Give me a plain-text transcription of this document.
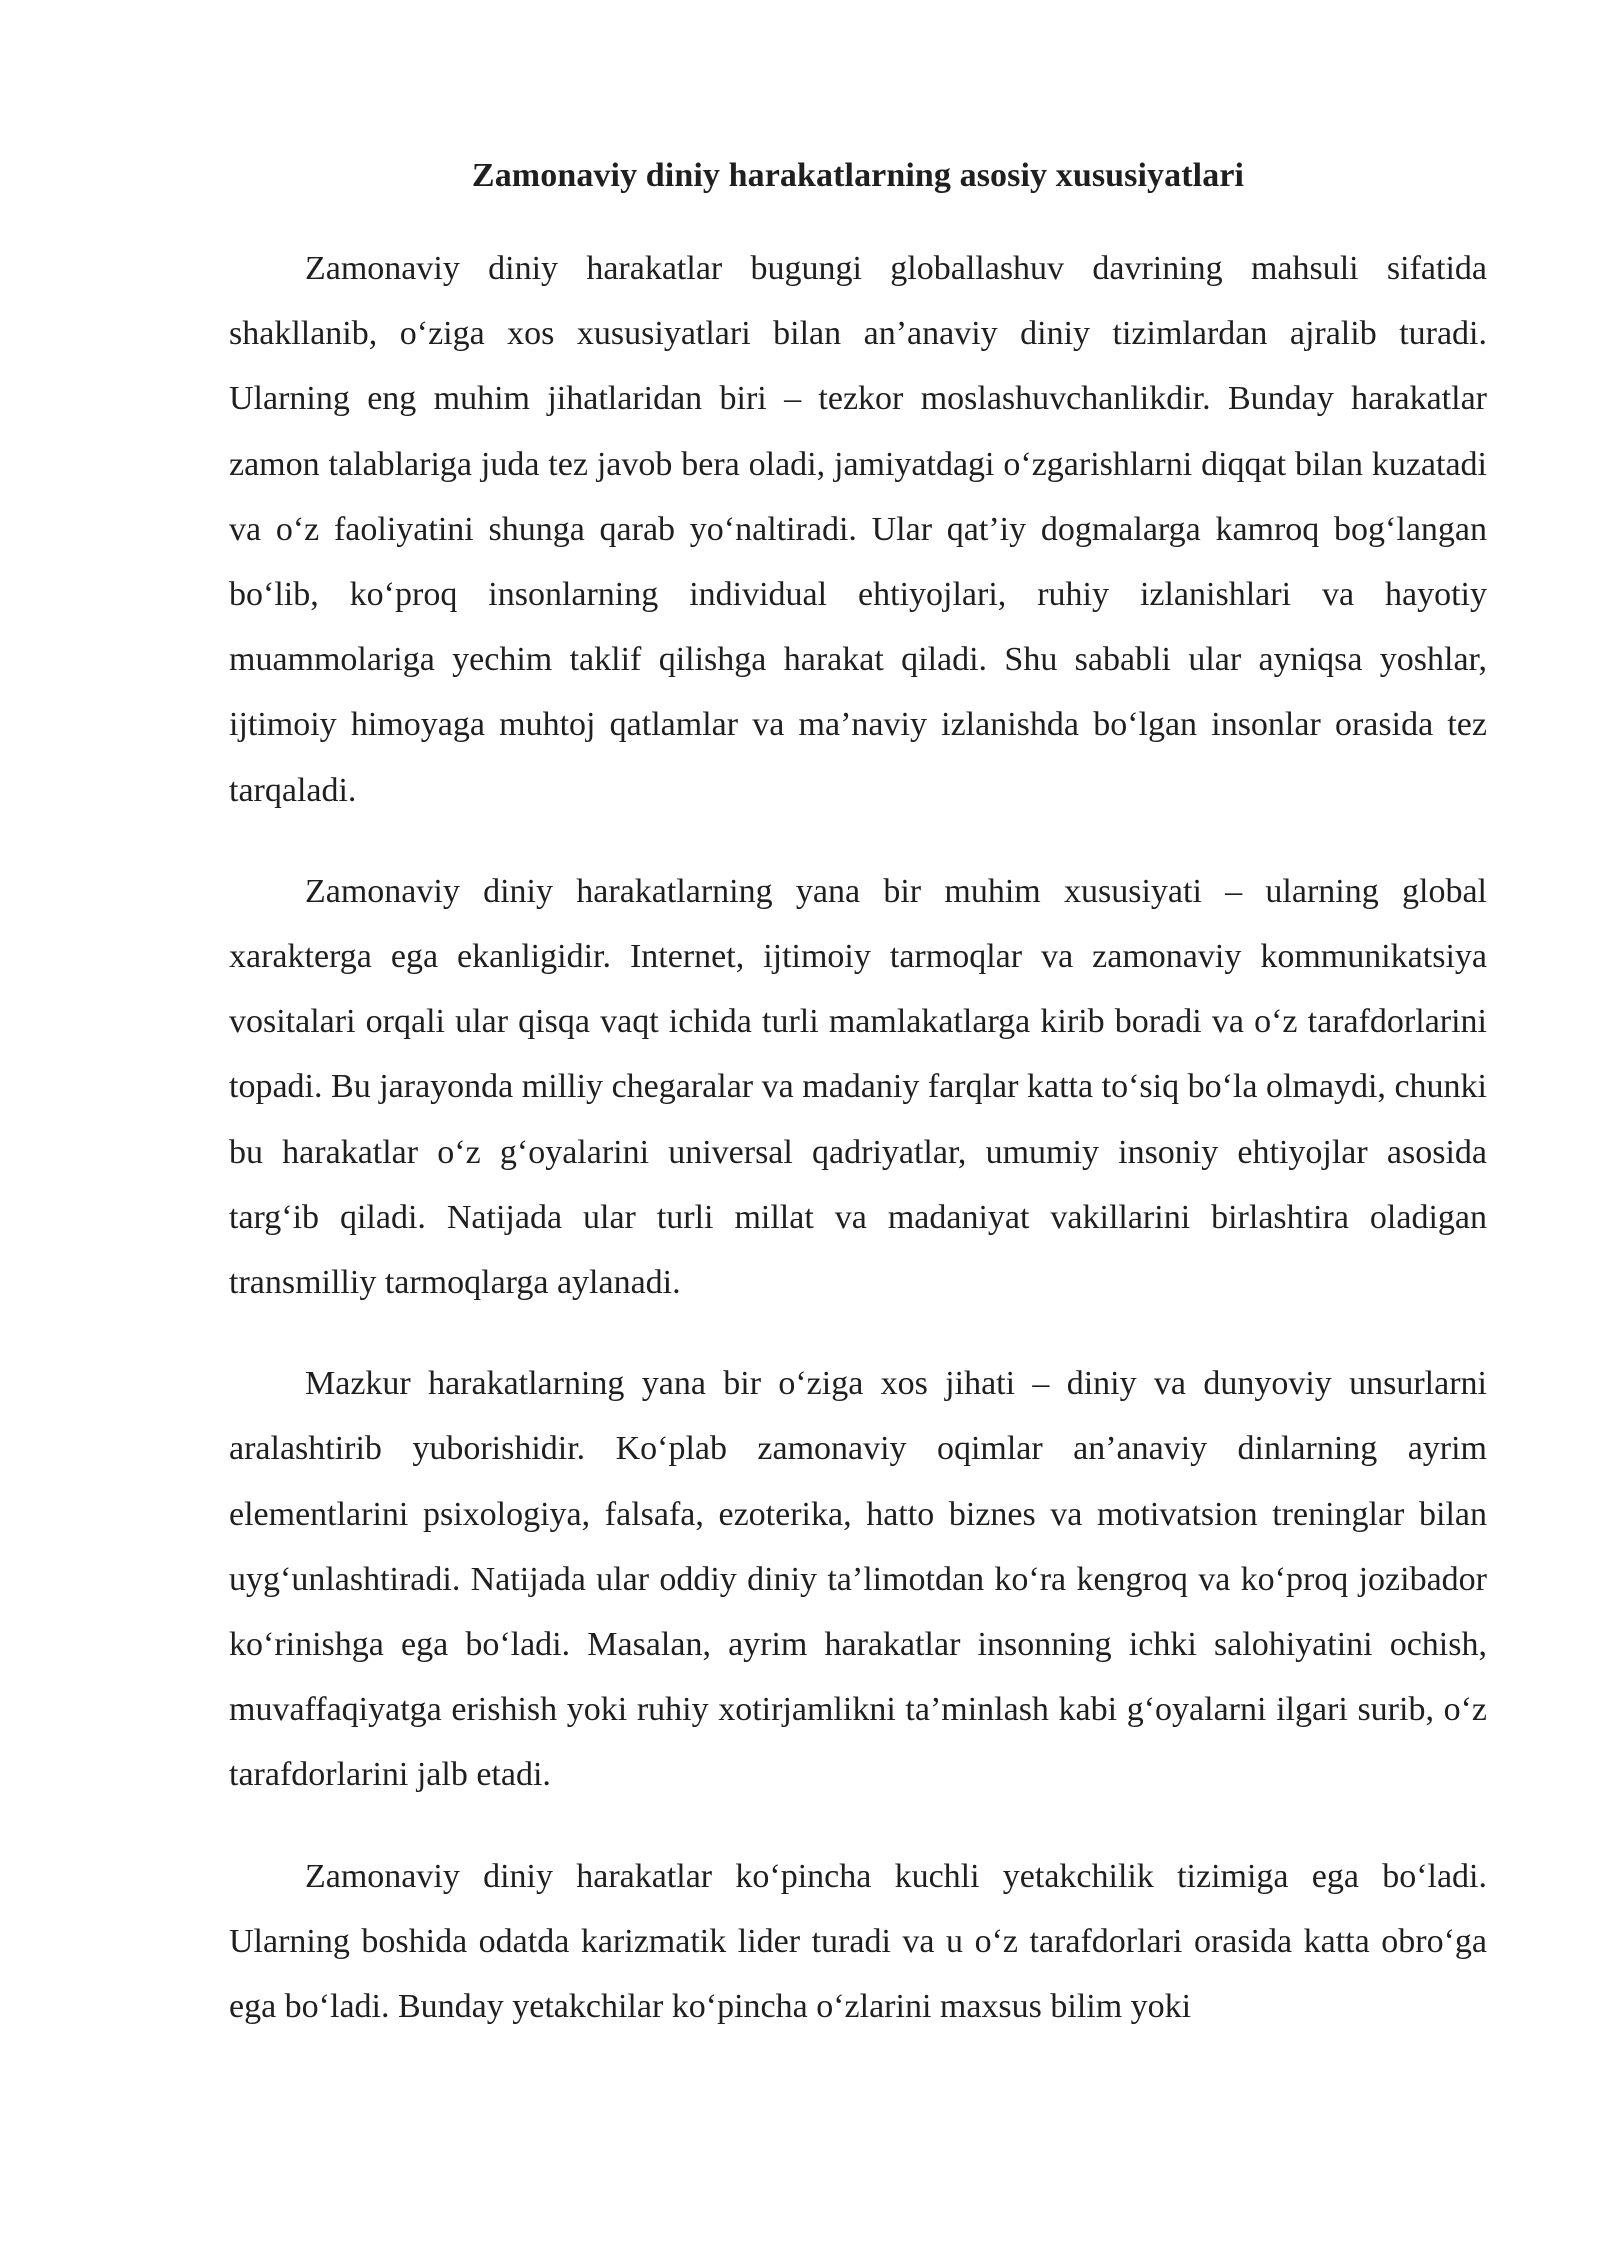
Zamonaviy diniy harakatlarning asosiy xususiyatlari

Zamonaviy diniy harakatlar bugungi globallashuv davrining mahsuli sifatida shakllanib, o‘ziga xos xususiyatlari bilan an’anaviy diniy tizimlardan ajralib turadi. Ularning eng muhim jihatlaridan biri – tezkor moslashuvchanlikdir. Bunday harakatlar zamon talablariga juda tez javob bera oladi, jamiyatdagi o‘zgarishlarni diqqat bilan kuzatadi va o‘z faoliyatini shunga qarab yo‘naltiradi. Ular qat’iy dogmalarga kamroq bog‘langan bo‘lib, ko‘proq insonlarning individual ehtiyojlari, ruhiy izlanishlari va hayotiy muammolariga yechim taklif qilishga harakat qiladi. Shu sababli ular ayniqsa yoshlar, ijtimoiy himoyaga muhtoj qatlamlar va ma’naviy izlanishda bo‘lgan insonlar orasida tez tarqaladi.

Zamonaviy diniy harakatlarning yana bir muhim xususiyati – ularning global xarakterga ega ekanligidir. Internet, ijtimoiy tarmoqlar va zamonaviy kommunikatsiya vositalari orqali ular qisqa vaqt ichida turli mamlakatlarga kirib boradi va o‘z tarafdorlarini topadi. Bu jarayonda milliy chegaralar va madaniy farqlar katta to‘siq bo‘la olmaydi, chunki bu harakatlar o‘z g‘oyalarini universal qadriyatlar, umumiy insoniy ehtiyojlar asosida targ‘ib qiladi. Natijada ular turli millat va madaniyat vakillarini birlashtira oladigan transmilliy tarmoqlarga aylanadi.

Mazkur harakatlarning yana bir o‘ziga xos jihati – diniy va dunyoviy unsurlarni aralashtirib yuborishidir. Ko‘plab zamonaviy oqimlar an’anaviy dinlarning ayrim elementlarini psixologiya, falsafa, ezoterika, hatto biznes va motivatsion treninglar bilan uyg‘unlashtiradi. Natijada ular oddiy diniy ta’limotdan ko‘ra kengroq va ko‘proq jozibador ko‘rinishga ega bo‘ladi. Masalan, ayrim harakatlar insonning ichki salohiyatini ochish, muvaffaqiyatga erishish yoki ruhiy xotirjamlikni ta’minlash kabi g‘oyalarni ilgari surib, o‘z tarafdorlarini jalb etadi.

Zamonaviy diniy harakatlar ko‘pincha kuchli yetakchilik tizimiga ega bo‘ladi. Ularning boshida odatda karizmatik lider turadi va u o‘z tarafdorlari orasida katta obro‘ga ega bo‘ladi. Bunday yetakchilar ko‘pincha o‘zlarini maxsus bilim yoki
